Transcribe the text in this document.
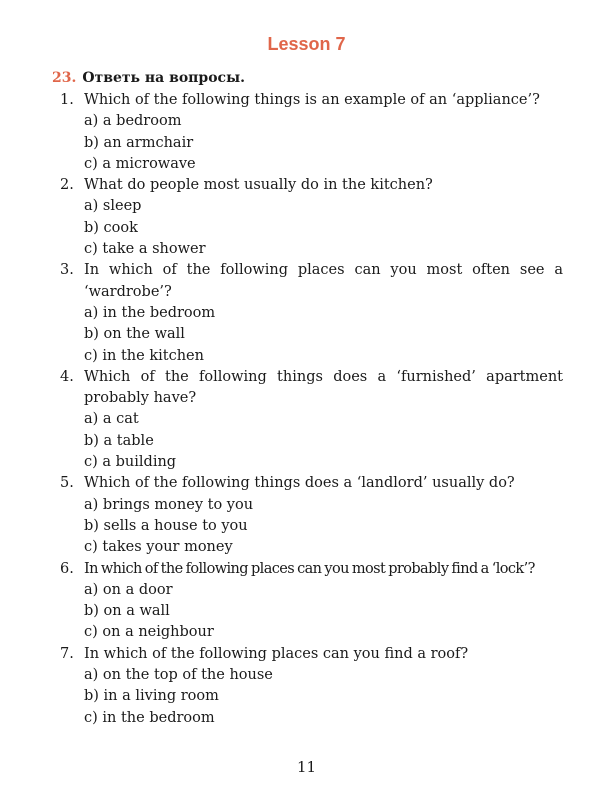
Lesson 7
23. Ответь на вопросы.
1. Which of the following things is an example of an ‘appliance’?
a) a bedroom
b) an armchair
c) a microwave
2. What do people most usually do in the kitchen?
a) sleep
b) cook
c) take a shower
3. In which of the following places can you most often see a
‘wardrobe’?
a) in the bedroom
b) on the wall
c) in the kitchen
4. Which of the following things does a ‘furnished’ apartment
probably have?
a) a cat
b) a table
c) a building
5. Which of the following things does a ‘landlord’ usually do?
a) brings money to you
b) sells a house to you
c) takes your money
6. In which of the following places can you most probably find a ‘lock’?
a) on a door
b) on a wall
c) on a neighbour
7. In which of the following places can you find a roof?
a) on the top of the house
b) in a living room
c) in the bedroom
11
